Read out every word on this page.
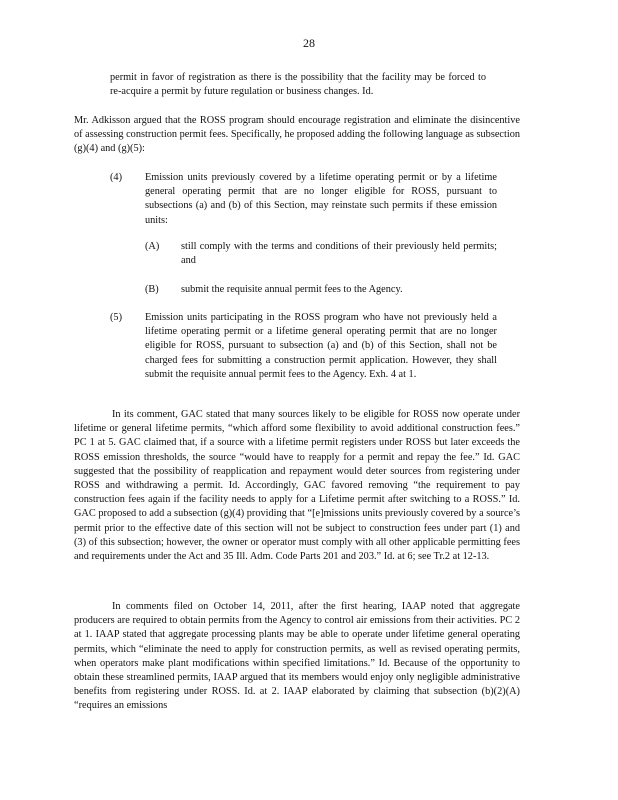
28

permit in favor of registration as there is the possibility that the facility may be forced to re-acquire a permit by future regulation or business changes. Id.

Mr. Adkisson argued that the ROSS program should encourage registration and eliminate the disincentive of assessing construction permit fees. Specifically, he proposed adding the following language as subsection (g)(4) and (g)(5):

(4) Emission units previously covered by a lifetime operating permit or by a lifetime general operating permit that are no longer eligible for ROSS, pursuant to subsections (a) and (b) of this Section, may reinstate such permits if these emission units:

(A) still comply with the terms and conditions of their previously held permits; and

(B) submit the requisite annual permit fees to the Agency.

(5) Emission units participating in the ROSS program who have not previously held a lifetime operating permit or a lifetime general operating permit that are no longer eligible for ROSS, pursuant to subsection (a) and (b) of this Section, shall not be charged fees for submitting a construction permit application. However, they shall submit the requisite annual permit fees to the Agency. Exh. 4 at 1.

In its comment, GAC stated that many sources likely to be eligible for ROSS now operate under lifetime or general lifetime permits, “which afford some flexibility to avoid additional construction fees.” PC 1 at 5. GAC claimed that, if a source with a lifetime permit registers under ROSS but later exceeds the ROSS emission thresholds, the source “would have to reapply for a permit and repay the fee.” Id. GAC suggested that the possibility of reapplication and repayment would deter sources from registering under ROSS and withdrawing a permit. Id. Accordingly, GAC favored removing “the requirement to pay construction fees again if the facility needs to apply for a Lifetime permit after switching to a ROSS.” Id. GAC proposed to add a subsection (g)(4) providing that “[e]missions units previously covered by a source’s permit prior to the effective date of this section will not be subject to construction fees under part (1) and (3) of this subsection; however, the owner or operator must comply with all other applicable permitting fees and requirements under the Act and 35 Ill. Adm. Code Parts 201 and 203.” Id. at 6; see Tr.2 at 12-13.

In comments filed on October 14, 2011, after the first hearing, IAAP noted that aggregate producers are required to obtain permits from the Agency to control air emissions from their activities. PC 2 at 1. IAAP stated that aggregate processing plants may be able to operate under lifetime general operating permits, which “eliminate the need to apply for construction permits, as well as revised operating permits, when operators make plant modifications within specified limitations.” Id. Because of the opportunity to obtain these streamlined permits, IAAP argued that its members would enjoy only negligible administrative benefits from registering under ROSS. Id. at 2. IAAP elaborated by claiming that subsection (b)(2)(A) “requires an emissions
